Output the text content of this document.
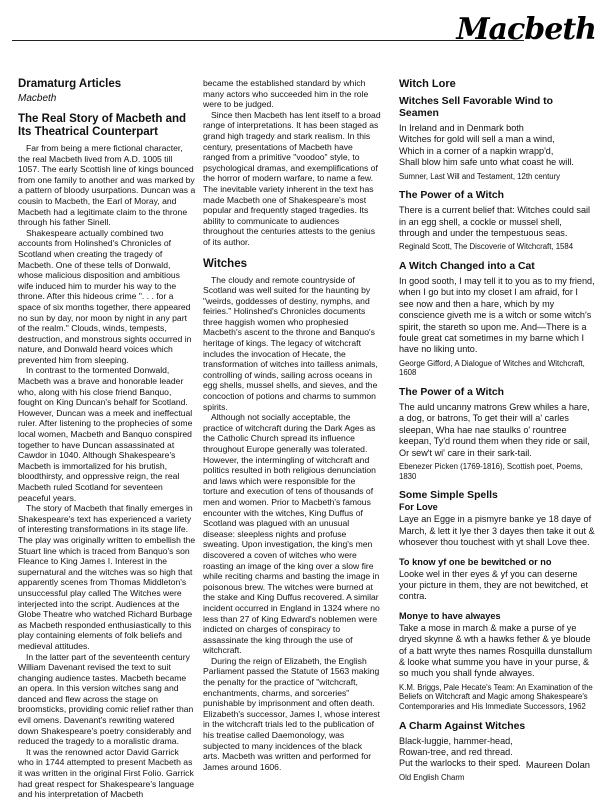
Macbeth
Dramaturg Articles
Macbeth
The Real Story of Macbeth and Its Theatrical Counterpart

Far from being a mere fictional character, the real Macbeth lived from A.D. 1005 till 1057. The early Scottish line of kings bounced from one family to another and was marked by a pattern of bloody usurpations. Duncan was a cousin to Macbeth, the Earl of Moray, and Macbeth had a legitimate claim to the throne through his father Sinell.

Shakespeare actually combined two accounts from Holinshed's Chronicles of Scotland when creating the tragedy of Macbeth. One of these tells of Donwald, whose malicious disposition and ambitious wife induced him to murder his way to the throne. After this hideous crime ". . . for a space of six months together, there appeared no sun by day, nor moon by night in any part of the realm." Clouds, winds, tempests, destruction, and monstrous sights occurred in nature, and Donwald heard voices which prevented him from sleeping.

In contrast to the tormented Donwald, Macbeth was a brave and honorable leader who, along with his close friend Banquo, fought on King Duncan's behalf for Scotland. However, Duncan was a meek and ineffectual ruler. After listening to the prophecies of some local women, Macbeth and Banquo conspired together to have Duncan assassinated at Cawdor in 1040. Although Shakespeare's Macbeth is immortalized for his brutish, bloodthirsty, and oppressive reign, the real Macbeth ruled Scotland for seventeen peaceful years.

The story of Macbeth that finally emerges in Shakespeare's text has experienced a variety of interesting transformations in its stage life. The play was originally written to embellish the Stuart line which is traced from Banquo's son Fleance to King James I. Interest in the supernatural and the witches was so high that apparently scenes from Thomas Middleton's unsuccessful play called The Witches were interjected into the script. Audiences at the Globe Theatre who watched Richard Burbage as Macbeth responded enthusiastically to this play containing elements of folk beliefs and medieval attitudes.

In the latter part of the seventeenth century William Davenant revised the text to suit changing audience tastes. Macbeth became an opera. In this version witches sang and danced and flew across the stage on broomsticks, providing comic relief rather than evil omens. Davenant's rewriting watered down Shakespeare's poetry considerably and reduced the tragedy to a moralistic drama.

It was the renowned actor David Garrick who in 1744 attempted to present Macbeth as it was written in the original First Folio. Garrick had great respect for Shakespeare's language and his interpretation of Macbeth

became the established standard by which many actors who succeeded him in the role were to be judged.

Since then Macbeth has lent itself to a broad range of interpretations. It has been staged as grand high tragedy and stark realism. In this century, presentations of Macbeth have ranged from a primitive "voodoo" style, to psychological dramas, and exemplifications of the horror of modern warfare, to name a few. The inevitable variety inherent in the text has made Macbeth one of Shakespeare's most popular and frequently staged tragedies. Its ability to communicate to audiences throughout the centuries attests to the genius of its author.

Witches

The cloudy and remote countryside of Scotland was well suited for the haunting by "weirds, goddesses of destiny, nymphs, and feiries." Holinshed's Chronicles documents three haggish women who prophesied Macbeth's ascent to the throne and Banquo's heritage of kings. The legacy of witchcraft includes the invocation of Hecate, the transformation of witches into tailless animals, controlling of winds, sailing across oceans in egg shells, mussel shells, and sieves, and the concoction of potions and charms to summon spirits.

Although not socially acceptable, the practice of witchcraft during the Dark Ages as the Catholic Church spread its influence throughout Europe generally was tolerated. However, the intermingling of witchcraft and politics resulted in both religious denunciation and laws which were responsible for the torture and execution of tens of thousands of men and women. Prior to Macbeth's famous encounter with the witches, King Duffus of Scotland was plagued with an unusual disease: sleepless nights and profuse sweating. Upon investigation, the king's men discovered a coven of witches who were roasting an image of the king over a slow fire while reciting charms and basting the image in poisonous brew. The witches were burned at the stake and King Duffus recovered. A similar incident occurred in England in 1324 where no less than 27 of King Edward's noblemen were indicted on charges of conspiracy to assassinate the king through the use of witchcraft.

During the reign of Elizabeth, the English Parliament passed the Statute of 1563 making the penalty for the practice of "witchcraft, enchantments, charms, and sorceries" punishable by imprisonment and often death. Elizabeth's successor, James I, whose interest in the witchcraft trials led to the publication of his treatise called Daemonology, was subjected to many incidences of the black arts. Macbeth was written and performed for James around 1606.

Witch Lore
Witches Sell Favorable Wind to Seamen

In Ireland and in Denmark both
Witches for gold will sell a man a wind,
Which in a corner of a napkin wrapp'd,
Shall blow him safe unto what coast he will.

Sumner, Last Will and Testament, 12th century

The Power of a Witch

There is a current belief that: Witches could sail in an egg shell, a cockle or mussel shell, through and under the tempestuous seas.

Reginald Scott, The Discoverie of Witchcraft, 1584

A Witch Changed into a Cat

In good sooth, I may tell it to you as to my friend, when I go but into my closet I am afraid, for I see now and then a hare, which by my conscience giveth me is a witch or some witch's spirit, the stareth so upon me. And—There is a foule great cat sometimes in my barne which I have no liking unto.

George Gifford, A Dialogue of Witches and Witchcraft, 1608

The Power of a Witch

The auld uncanny matrons Grew whiles a hare, a dog, or batrons, To get their will a' carles sleepan, Wha hae nae staulks o' rountree keepan, Ty'd round them when they ride or sail, Or sew't wi' care in their sark-tail.

Ebenezer Picken (1769-1816), Scottish poet, Poems, 1830

Some Simple Spells
For Love

Laye an Egge in a pismyre banke ye 18 daye of March, & lett it lye ther 3 dayes then take it out & whosever thou touchest with yt shall Love thee.

To know yf one be bewitched or no

Looke wel in ther eyes & yf you can deserne your picture in them, they are not bewitched, et contra.

Monye to have alwayes

Take a mose in march & make a purse of ye dryed skynne & wth a hawks fether & ye bloude of a batt wryte thes names Rosquilla dunstallum & looke what summe you have in your purse, & so much you shall fynde alwayes.

K.M. Briggs, Pale Hecate's Team: An Examination of the Beliefs on Witchcraft and Magic among Shakespeare's Contemporaries and His Immediate Successors, 1962

A Charm Against Witches

Black-luggie, hammer-head,
Rowan-tree, and red thread.
Put the warlocks to their sped.

Old English Charm

Maureen Dolan
